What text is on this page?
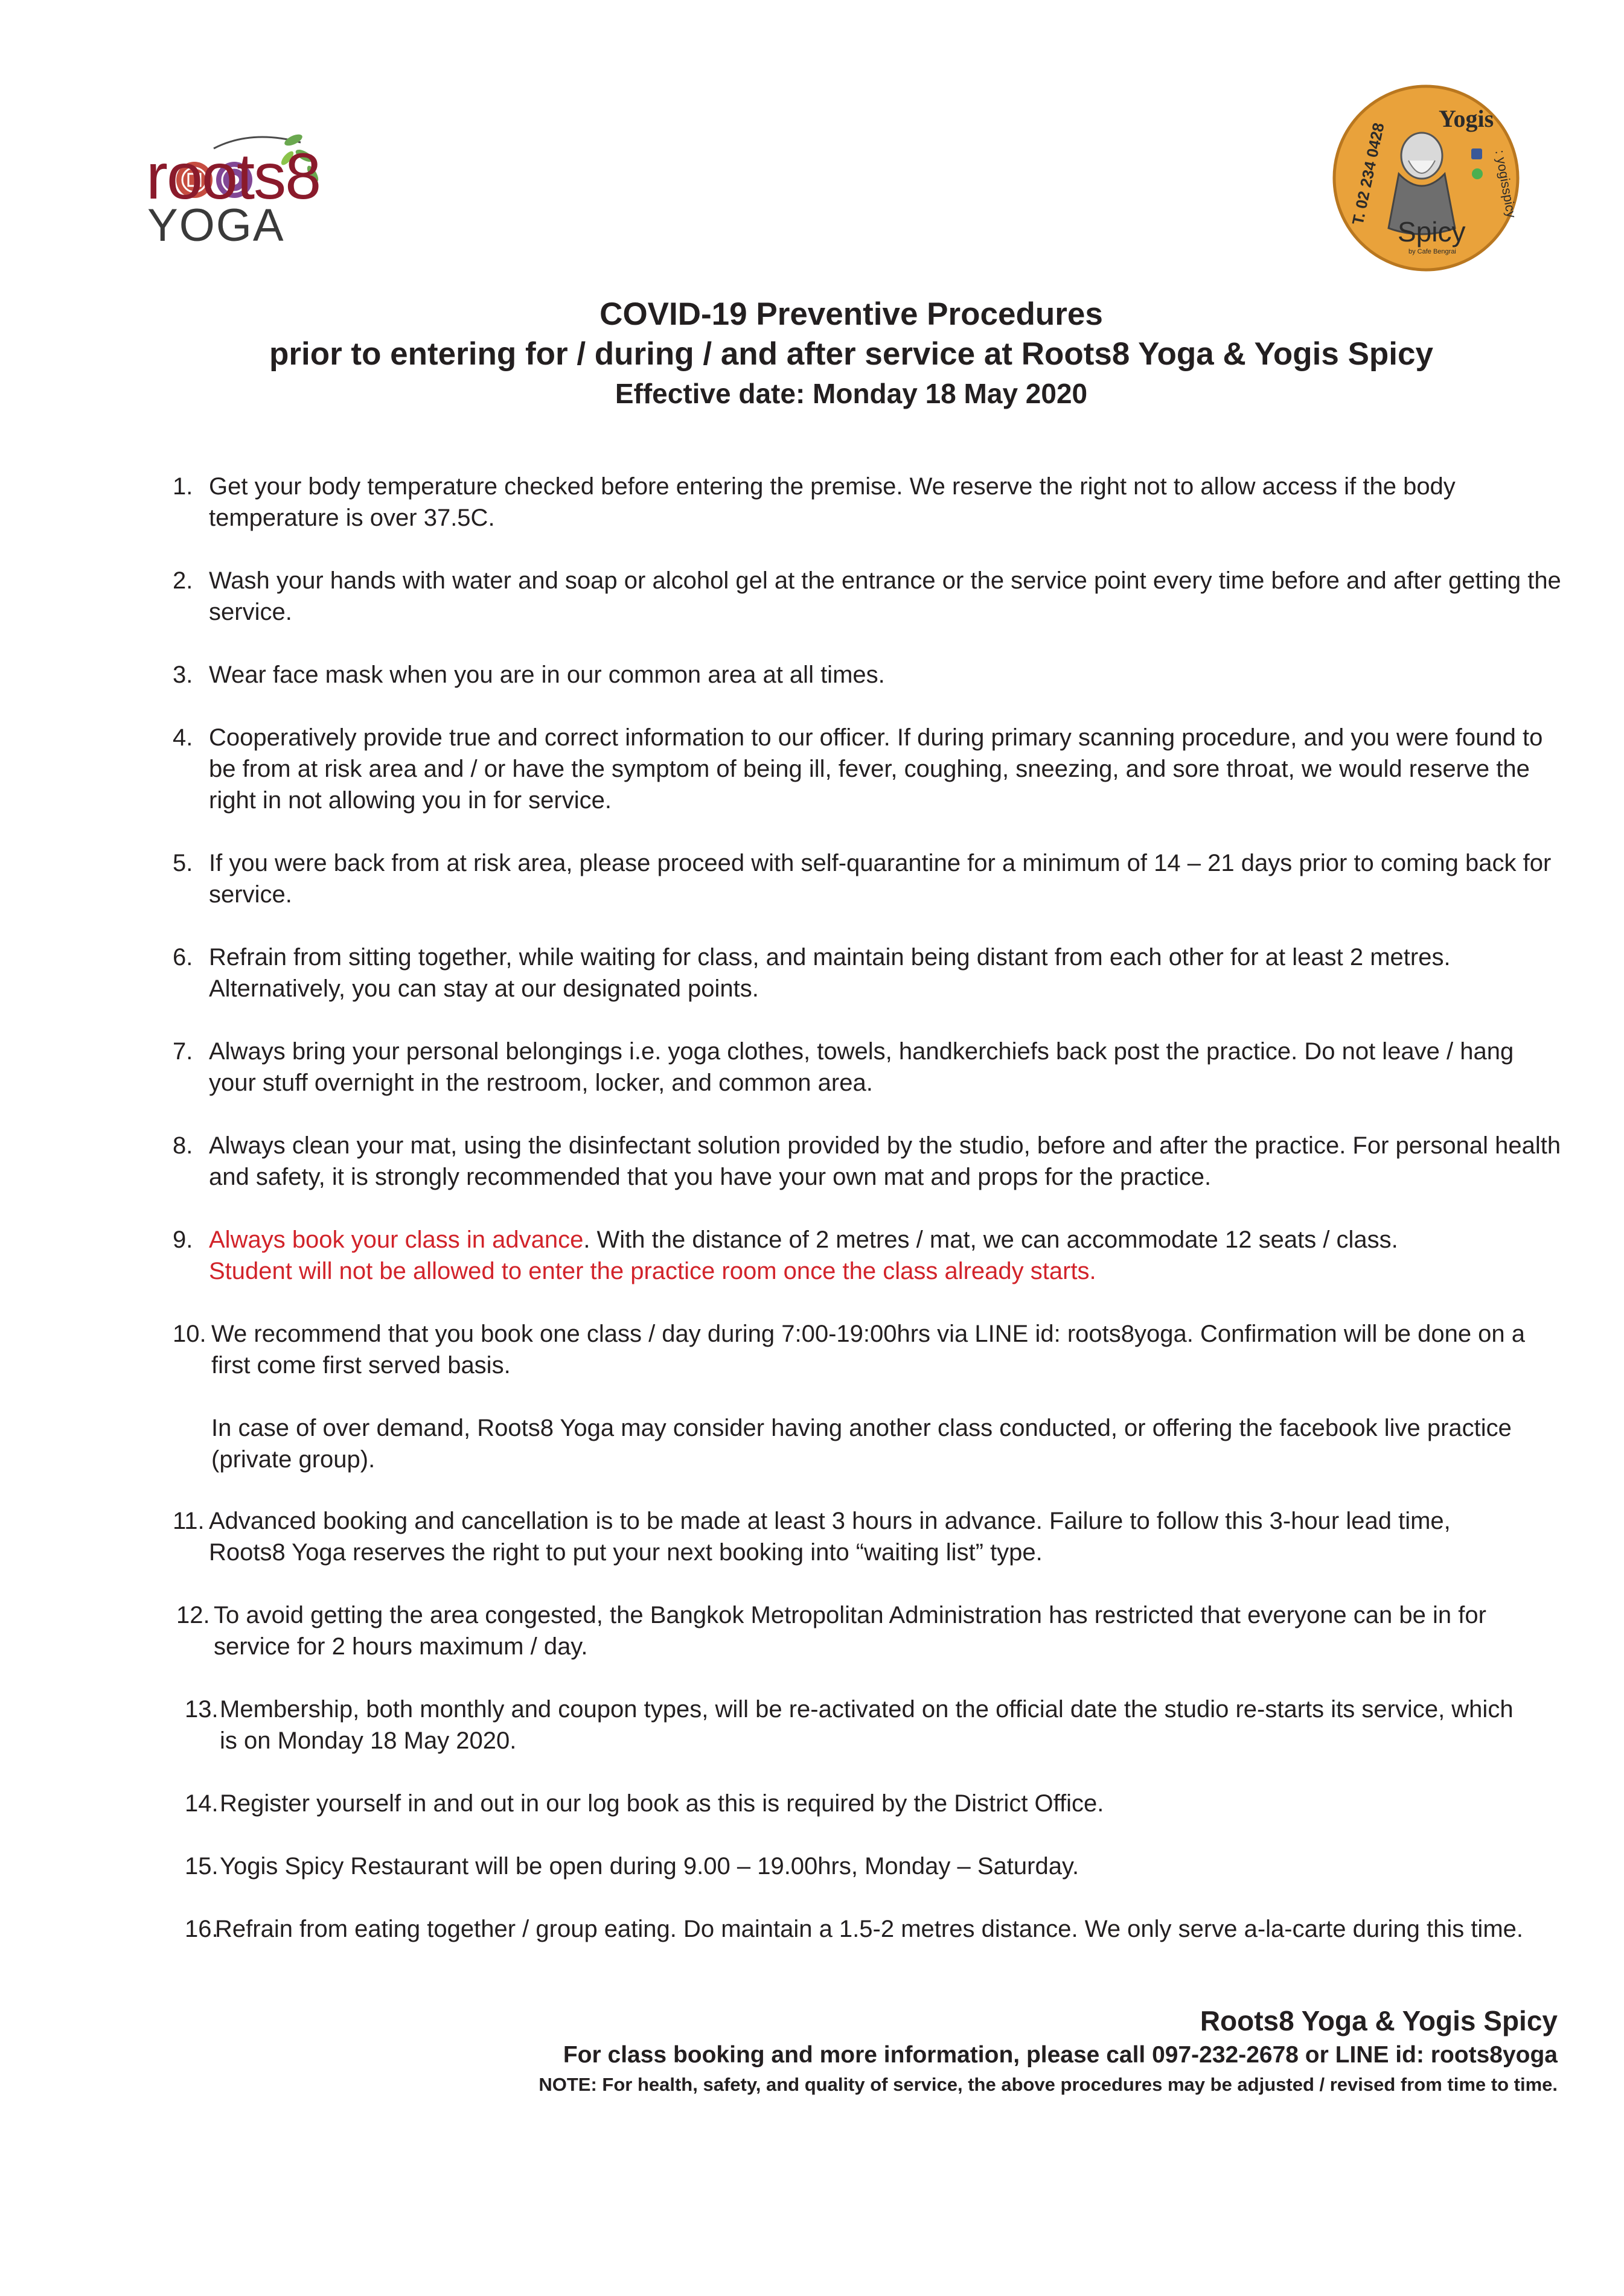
roots8
YOGA
Yogis
Spicy
by Cafe Bengrai
T. 02 234 0428	: yogisspicy
COVID-19 Preventive Procedures
prior to entering for / during / and after service at Roots8 Yoga & Yogis Spicy
Effective date: Monday 18 May 2020
1. Get your body temperature checked before entering the premise. We reserve the right not to allow access if the body temperature is over 37.5C.
2. Wash your hands with water and soap or alcohol gel at the entrance or the service point every time before and after getting the service.
3. Wear face mask when you are in our common area at all times.
4. Cooperatively provide true and correct information to our officer. If during primary scanning procedure, and you were found to be from at risk area and / or have the symptom of being ill, fever, coughing, sneezing, and sore throat, we would reserve the right in not allowing you in for service.
5. If you were back from at risk area, please proceed with self-quarantine for a minimum of 14 – 21 days prior to coming back for service.
6. Refrain from sitting together, while waiting for class, and maintain being distant from each other for at least 2 metres. Alternatively, you can stay at our designated points.
7. Always bring your personal belongings i.e. yoga clothes, towels, handkerchiefs back post the practice. Do not leave / hang your stuff overnight in the restroom, locker, and common area.
8. Always clean your mat, using the disinfectant solution provided by the studio, before and after the practice. For personal health and safety, it is strongly recommended that you have your own mat and props for the practice.
9. Always book your class in advance. With the distance of 2 metres / mat, we can accommodate 12 seats / class.
Student will not be allowed to enter the practice room once the class already starts.
10. We recommend that you book one class / day during 7:00-19:00hrs via LINE id: roots8yoga. Confirmation will be done on a first come first served basis.
In case of over demand, Roots8 Yoga may consider having another class conducted, or offering the facebook live practice (private group).
11. Advanced booking and cancellation is to be made at least 3 hours in advance. Failure to follow this 3-hour lead time, Roots8 Yoga reserves the right to put your next booking into “waiting list” type.
12. To avoid getting the area congested, the Bangkok Metropolitan Administration has restricted that everyone can be in for service for 2 hours maximum / day.
13. Membership, both monthly and coupon types, will be re-activated on the official date the studio re-starts its service, which is on Monday 18 May 2020.
14. Register yourself in and out in our log book as this is required by the District Office.
15. Yogis Spicy Restaurant will be open during 9.00 – 19.00hrs, Monday – Saturday.
16.
Refrain from eating together / group eating. Do maintain a 1.5-2 metres distance. We only serve a-la-carte during this time.
Roots8 Yoga & Yogis Spicy
For class booking and more information, please call 097-232-2678 or LINE id: roots8yoga
NOTE: For health, safety, and quality of service, the above procedures may be adjusted / revised from time to time.
